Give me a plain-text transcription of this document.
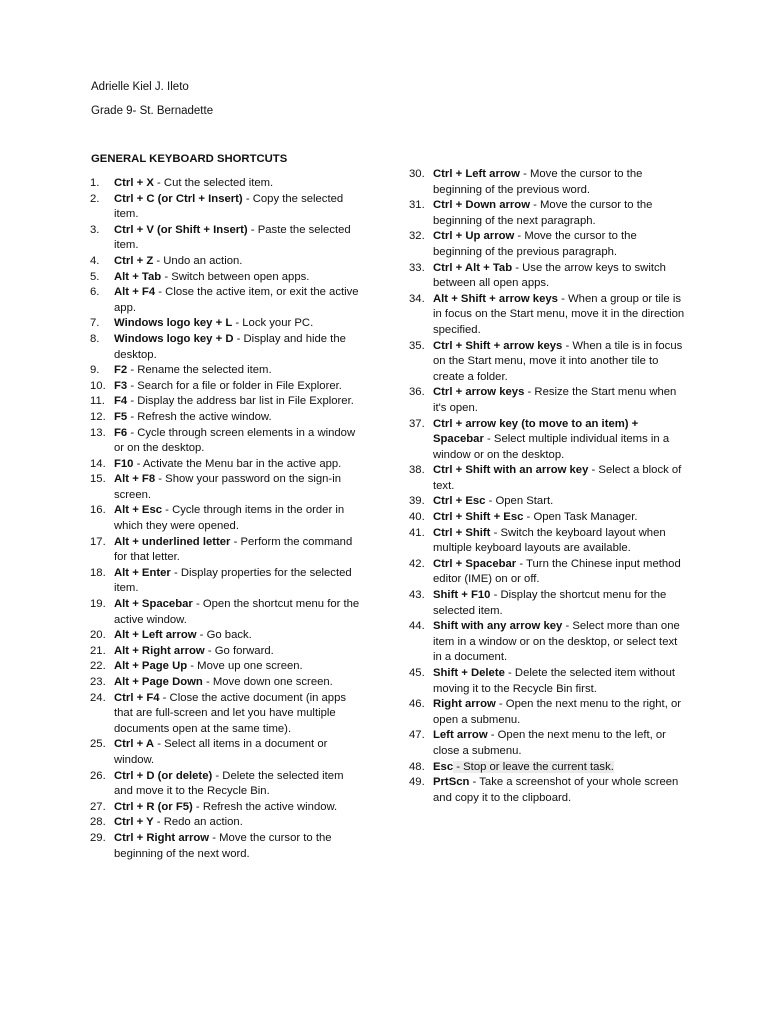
Adrielle Kiel J. Ileto
Grade 9- St. Bernadette
GENERAL KEYBOARD SHORTCUTS
1.	Ctrl + X - Cut the selected item.
2.	Ctrl + C (or Ctrl + Insert) - Copy the selected item.
3.	Ctrl + V (or Shift + Insert) - Paste the selected item.
4.	Ctrl + Z - Undo an action.
5.	Alt + Tab - Switch between open apps.
6.	Alt + F4 - Close the active item, or exit the active app.
7.	Windows logo key + L - Lock your PC.
8.	Windows logo key + D - Display and hide the desktop.
9.	F2 - Rename the selected item.
10. F3 - Search for a file or folder in File Explorer.
11. F4 - Display the address bar list in File Explorer.
12. F5 - Refresh the active window.
13. F6 - Cycle through screen elements in a window or on the desktop.
14. F10 - Activate the Menu bar in the active app.
15. Alt + F8 - Show your password on the sign-in screen.
16. Alt + Esc - Cycle through items in the order in which they were opened.
17. Alt + underlined letter - Perform the command for that letter.
18. Alt + Enter - Display properties for the selected item.
19. Alt + Spacebar - Open the shortcut menu for the active window.
20. Alt + Left arrow - Go back.
21. Alt + Right arrow - Go forward.
22. Alt + Page Up - Move up one screen.
23. Alt + Page Down - Move down one screen.
24. Ctrl + F4 - Close the active document (in apps that are full-screen and let you have multiple documents open at the same time).
25. Ctrl + A - Select all items in a document or window.
26. Ctrl + D (or delete) - Delete the selected item and move it to the Recycle Bin.
27. Ctrl + R (or F5) - Refresh the active window.
28. Ctrl + Y - Redo an action.
29. Ctrl + Right arrow - Move the cursor to the beginning of the next word.
30. Ctrl + Left arrow - Move the cursor to the beginning of the previous word.
31. Ctrl + Down arrow - Move the cursor to the beginning of the next paragraph.
32. Ctrl + Up arrow - Move the cursor to the beginning of the previous paragraph.
33. Ctrl + Alt + Tab - Use the arrow keys to switch between all open apps.
34. Alt + Shift + arrow keys - When a group or tile is in focus on the Start menu, move it in the direction specified.
35. Ctrl + Shift + arrow keys - When a tile is in focus on the Start menu, move it into another tile to create a folder.
36. Ctrl + arrow keys - Resize the Start menu when it's open.
37. Ctrl + arrow key (to move to an item) + Spacebar - Select multiple individual items in a window or on the desktop.
38. Ctrl + Shift with an arrow key - Select a block of text.
39. Ctrl + Esc - Open Start.
40. Ctrl + Shift + Esc - Open Task Manager.
41. Ctrl + Shift - Switch the keyboard layout when multiple keyboard layouts are available.
42. Ctrl + Spacebar - Turn the Chinese input method editor (IME) on or off.
43. Shift + F10 - Display the shortcut menu for the selected item.
44. Shift with any arrow key - Select more than one item in a window or on the desktop, or select text in a document.
45. Shift + Delete - Delete the selected item without moving it to the Recycle Bin first.
46. Right arrow - Open the next menu to the right, or open a submenu.
47. Left arrow - Open the next menu to the left, or close a submenu.
48. Esc - Stop or leave the current task.
49. PrtScn - Take a screenshot of your whole screen and copy it to the clipboard.
